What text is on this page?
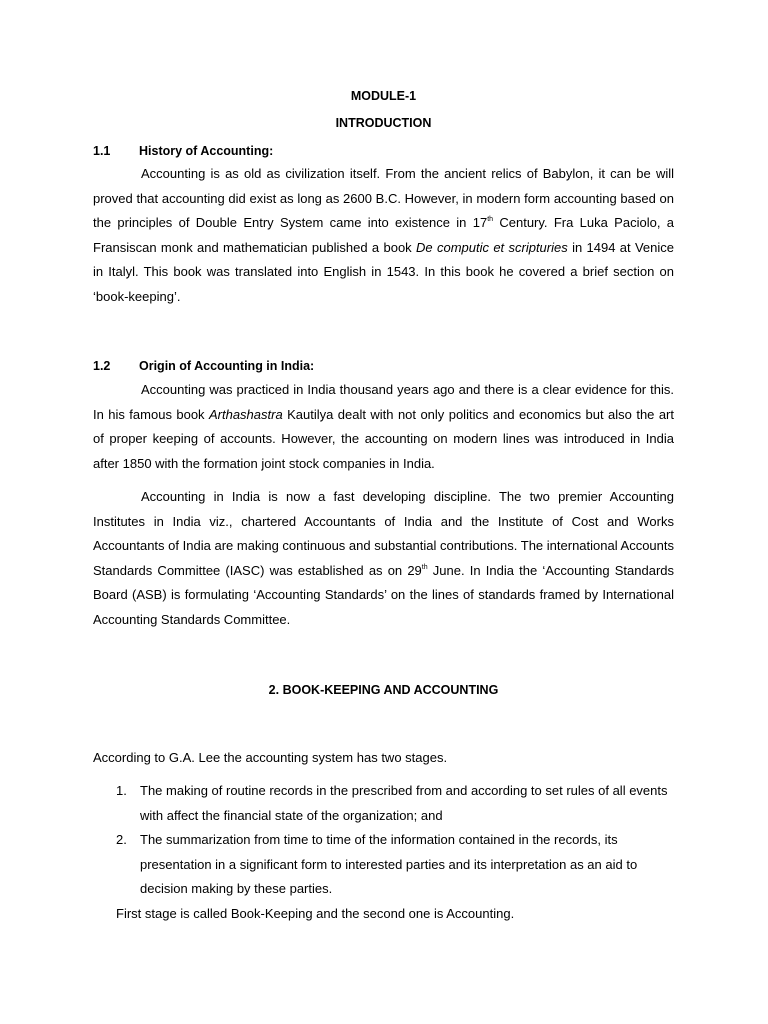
MODULE-1
INTRODUCTION
1.1 History of Accounting:

Accounting is as old as civilization itself. From the ancient relics of Babylon, it can be will proved that accounting did exist as long as 2600 B.C. However, in modern form accounting based on the principles of Double Entry System came into existence in 17th Century. Fra Luka Paciolo, a Fransiscan monk and mathematician published a book De computic et scripturies in 1494 at Venice in Italyl. This book was translated into English in 1543. In this book he covered a brief section on ‘book-keeping’.

1.2 Origin of Accounting in India:

Accounting was practiced in India thousand years ago and there is a clear evidence for this. In his famous book Arthashastra Kautilya dealt with not only politics and economics but also the art of proper keeping of accounts. However, the accounting on modern lines was introduced in India after 1850 with the formation joint stock companies in India.

Accounting in India is now a fast developing discipline. The two premier Accounting Institutes in India viz., chartered Accountants of India and the Institute of Cost and Works Accountants of India are making continuous and substantial contributions. The international Accounts Standards Committee (IASC) was established as on 29th June. In India the ‘Accounting Standards Board (ASB) is formulating ‘Accounting Standards’ on the lines of standards framed by International Accounting Standards Committee.

2. BOOK-KEEPING AND ACCOUNTING
According to G.A. Lee the accounting system has two stages.
1. The making of routine records in the prescribed from and according to set rules of all events with affect the financial state of the organization; and
2. The summarization from time to time of the information contained in the records, its presentation in a significant form to interested parties and its interpretation as an aid to decision making by these parties.
First stage is called Book-Keeping and the second one is Accounting.
